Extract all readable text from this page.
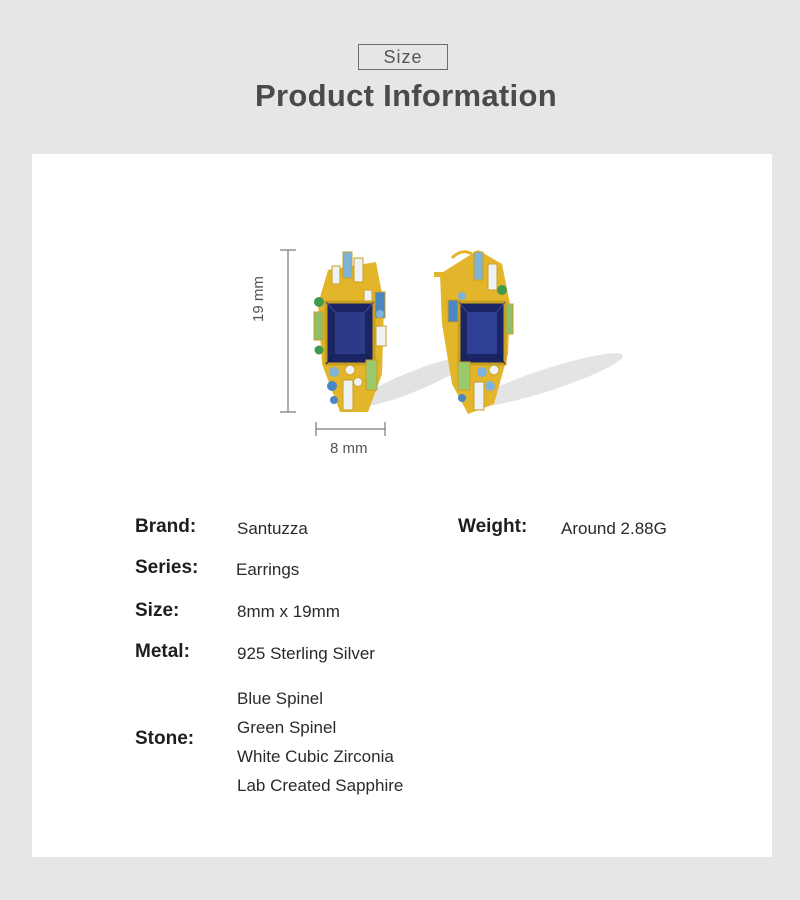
Size
Product Information
19 mm
8 mm
Brand: Santuzza	Weight: Around 2.88G
Series: Earrings
Size:	8mm x 19mm
Metal:	925 Sterling Silver
Stone:
Blue Spinel
Green Spinel
White Cubic Zirconia
Lab Created Sapphire
